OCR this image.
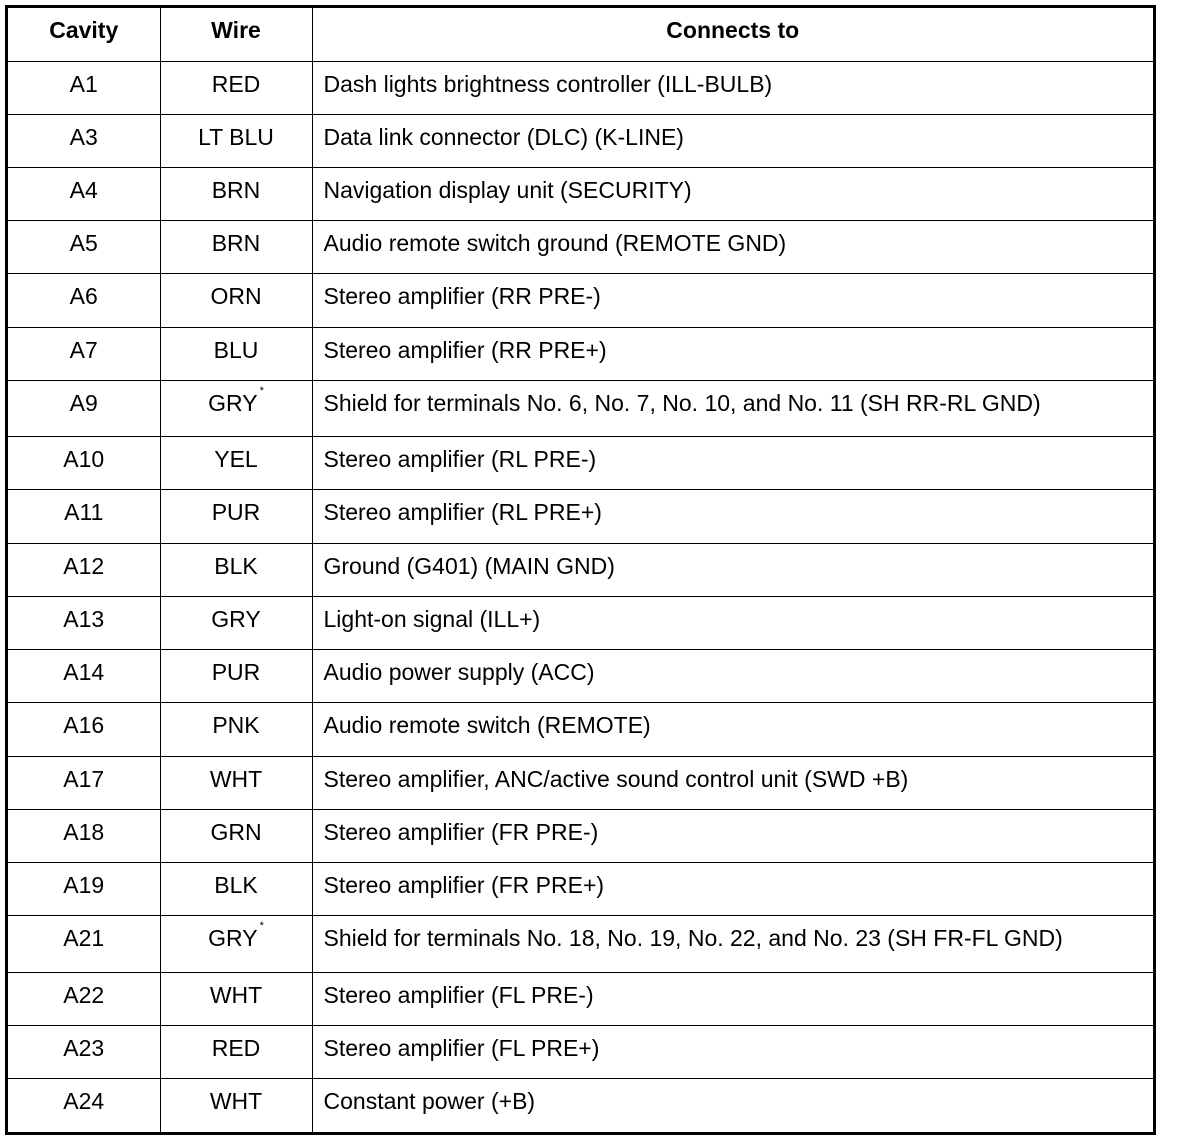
Cavity	Wire	Connects to
A1	RED	Dash lights brightness controller (ILL-BULB)
A3	LT BLU	Data link connector (DLC) (K-LINE)
A4	BRN	Navigation display unit (SECURITY)
A5	BRN	Audio remote switch ground (REMOTE GND)
A6	ORN	Stereo amplifier (RR PRE-)
A7	BLU	Stereo amplifier (RR PRE+)
A9	GRY *	Shield for terminals No. 6, No. 7, No. 10, and No. 11 (SH RR-RL GND)
A10	YEL	Stereo amplifier (RL PRE-)
A11	PUR	Stereo amplifier (RL PRE+)
A12	BLK	Ground (G401) (MAIN GND)
A13	GRY	Light-on signal (ILL+)
A14	PUR	Audio power supply (ACC)
A16	PNK	Audio remote switch (REMOTE)
A17	WHT	Stereo amplifier, ANC/active sound control unit (SWD +B)
A18	GRN	Stereo amplifier (FR PRE-)
A19	BLK	Stereo amplifier (FR PRE+)
A21	GRY *	Shield for terminals No. 18, No. 19, No. 22, and No. 23 (SH FR-FL GND)
A22	WHT	Stereo amplifier (FL PRE-)
A23	RED	Stereo amplifier (FL PRE+)
A24	WHT	Constant power (+B)
